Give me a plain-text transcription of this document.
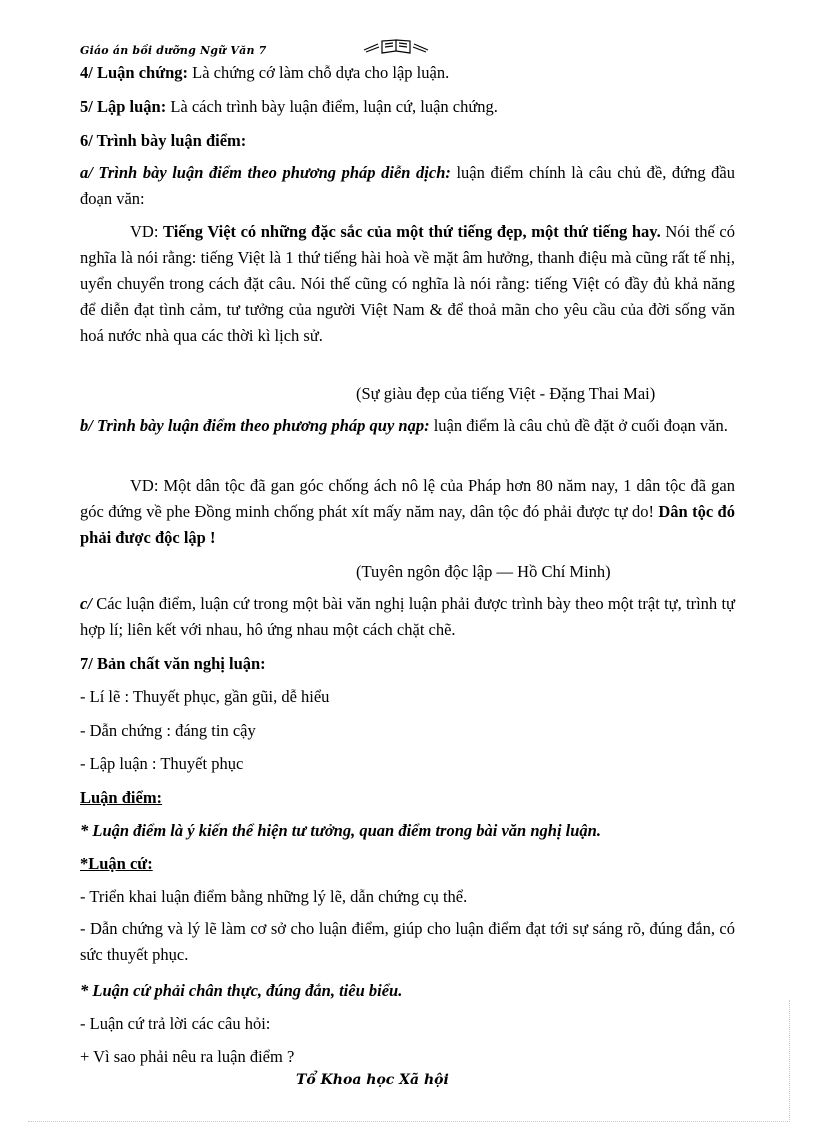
Giáo án bồi dưỡng Ngữ Văn 7
4/ Luận chứng: Là chứng cớ làm chỗ dựa cho lập luận.
5/ Lập luận: Là cách trình bày luận điểm, luận cứ, luận chứng.
6/ Trình bày luận điểm:
a/ Trình bày luận điểm theo phương pháp diễn dịch: luận điểm chính là câu chủ đề, đứng đầu đoạn văn:
VD: Tiếng Việt có những đặc sắc của một thứ tiếng đẹp, một thứ tiếng hay. Nói thế có nghĩa là nói rằng: tiếng Việt là 1 thứ tiếng hài hoà về mặt âm hưởng, thanh điệu mà cũng rất tế nhị, uyển chuyển trong cách đặt câu. Nói thế cũng có nghĩa là nói rằng: tiếng Việt có đầy đủ khả năng để diễn đạt tình cảm, tư tưởng của người Việt Nam & để thoả mãn cho yêu cầu của đời sống văn hoá nước nhà qua các thời kì lịch sử.
(Sự giàu đẹp của tiếng Việt - Đặng Thai Mai)
b/ Trình bày luận điểm theo phương pháp quy nạp: luận điểm là câu chủ đề đặt ở cuối đoạn văn.
VD: Một dân tộc đã gan góc chống ách nô lệ của Pháp hơn 80 năm nay, 1 dân tộc đã gan góc đứng về phe Đồng minh chống phát xít mấy năm nay, dân tộc đó phải được tự do! Dân tộc đó phải được độc lập !
(Tuyên ngôn độc lập — Hồ Chí Minh)
c/ Các luận điểm, luận cứ trong một bài văn nghị luận phải được trình bày theo một trật tự, trình tự hợp lí; liên kết với nhau, hô ứng nhau một cách chặt chẽ.
7/ Bản chất văn nghị luận:
- Lí lẽ : Thuyết phục, gần gũi, dễ hiểu
- Dẫn chứng : đáng tin cậy
- Lập luận : Thuyết phục
Luận điểm:
* Luận điểm là ý kiến thể hiện tư tưởng, quan điểm trong bài văn nghị luận.
*Luận cứ:
- Triển khai luận điểm bằng những lý lẽ, dẫn chứng cụ thể.
- Dẫn chứng và lý lẽ làm cơ sở cho luận điểm, giúp cho luận điểm đạt tới sự sáng rõ, đúng đắn, có sức thuyết phục.
* Luận cứ phải chân thực, đúng đắn, tiêu biểu.
- Luận cứ trả lời các câu hỏi:
+ Vì sao phải nêu ra luận điểm ?
Tổ Khoa học Xã hội
